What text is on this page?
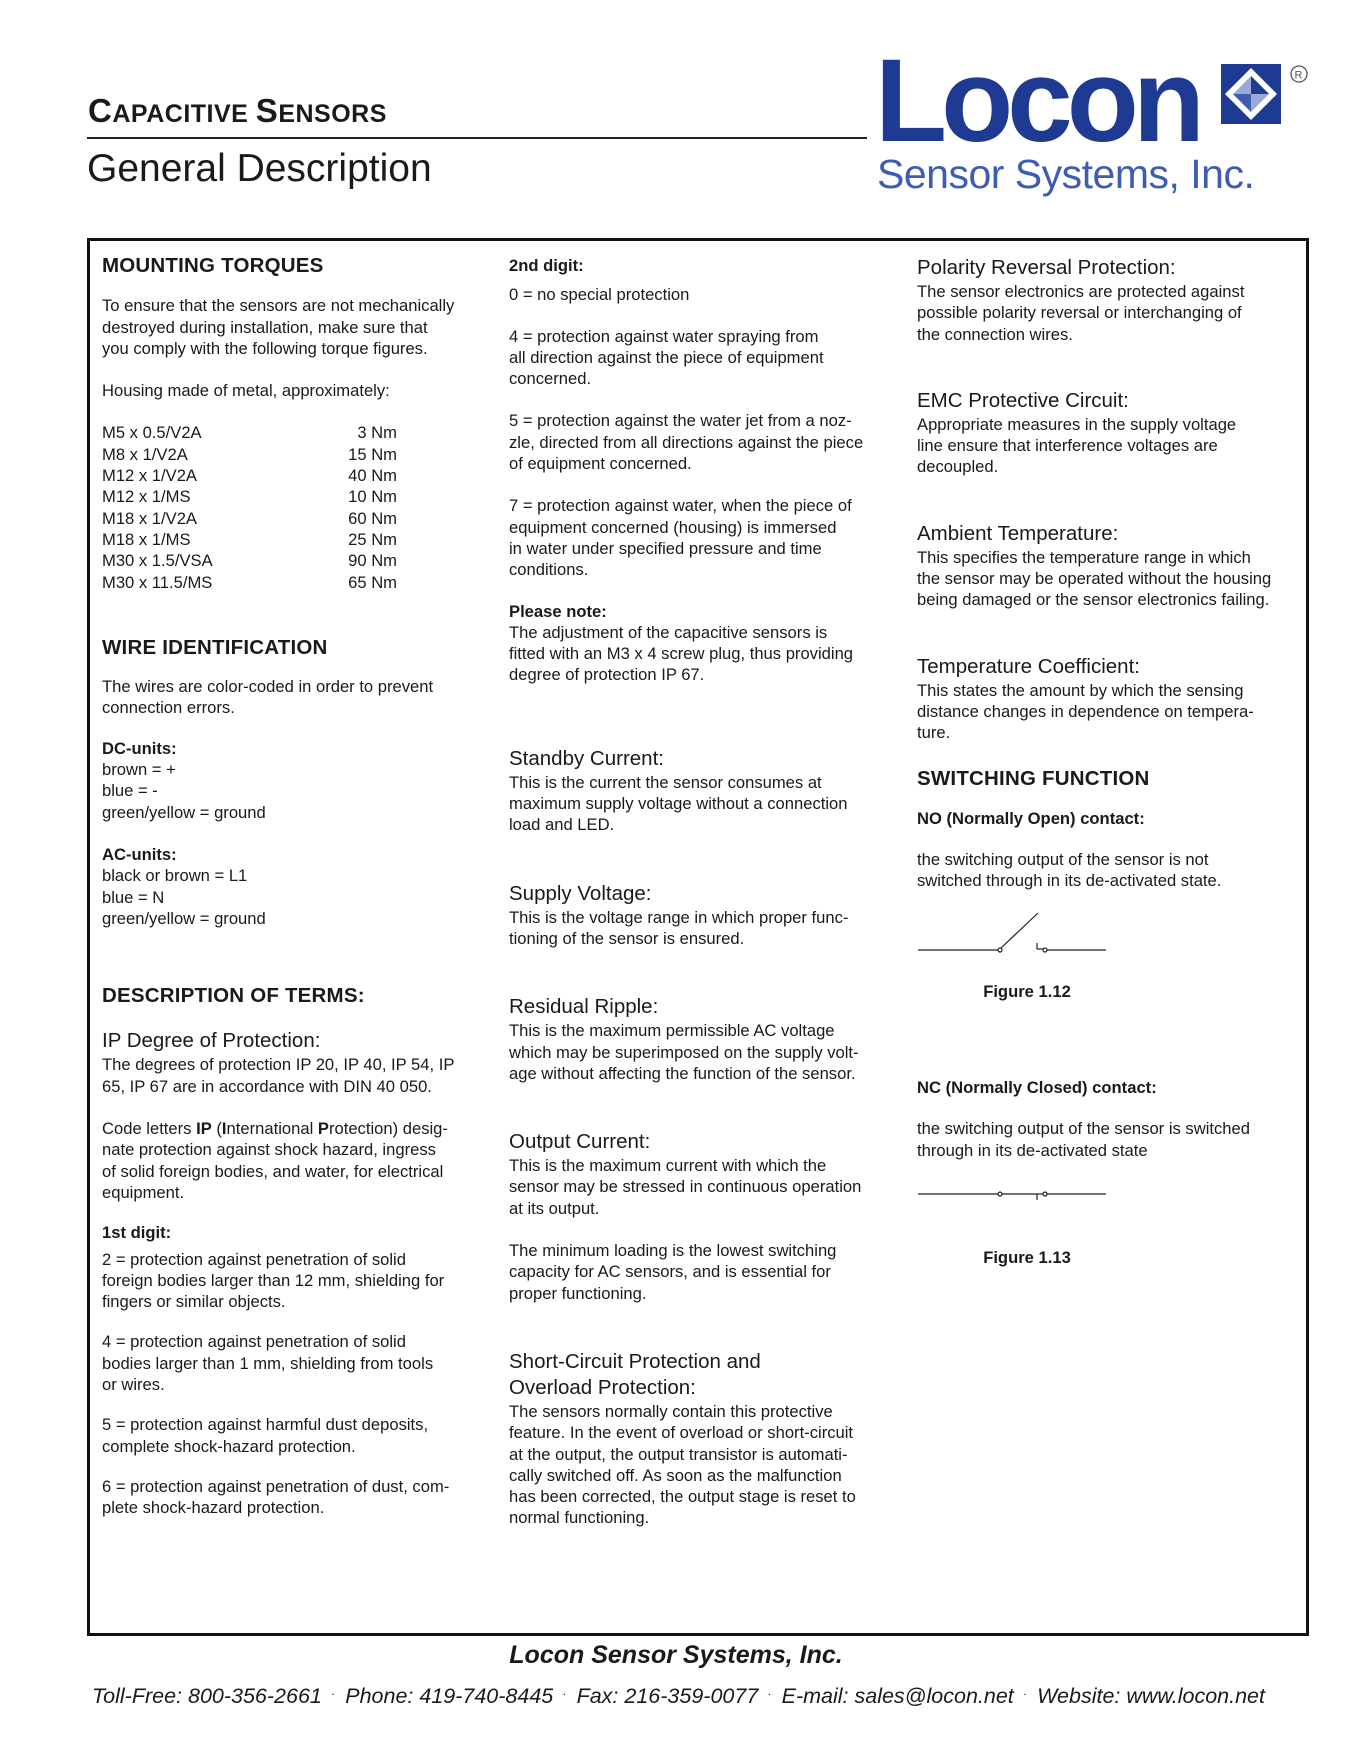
CAPACITIVE SENSORS
General Description
Locon	R
Sensor Systems, Inc.

MOUNTING TORQUES

To ensure that the sensors are not mechanically

destroyed during installation, make sure that

you comply with the following torque figures.

Housing made of metal, approximately:

M5 x 0.5/V2A	3 Nm
M8 x 1/V2A	15 Nm
M12 x 1/V2A	40 Nm
M12 x 1/MS	10 Nm
M18 x 1/V2A	60 Nm
M18 x 1/MS	25 Nm
M30 x 1.5/VSA	90 Nm
M30 x 11.5/MS	65 Nm

WIRE IDENTIFICATION

The wires are color-coded in order to prevent

connection errors.

DC-units:

brown = +

blue = -

green/yellow = ground

AC-units:

black or brown = L1

blue = N

green/yellow = ground

DESCRIPTION OF TERMS:

IP Degree of Protection:

The degrees of protection IP 20, IP 40, IP 54, IP

65, IP 67 are in accordance with DIN 40 050.

Code letters IP (International Protection) desig-

nate protection against shock hazard, ingress

of solid foreign bodies, and water, for electrical

equipment.

1st digit:

2 = protection against penetration of solid

foreign bodies larger than 12 mm, shielding for

fingers or similar objects.

4 = protection against penetration of solid

bodies larger than 1 mm, shielding from tools

or wires.

5 = protection against harmful dust deposits,

complete shock-hazard protection.

6 = protection against penetration of dust, com-

plete shock-hazard protection.

2nd digit:

0 = no special protection

4 = protection against water spraying from

all direction against the piece of equipment

concerned.

5 = protection against the water jet from a noz-

zle, directed from all directions against the piece

of equipment concerned.

7 = protection against water, when the piece of

equipment concerned (housing) is immersed

in water under specified pressure and time

conditions.

Please note:

The adjustment of the capacitive sensors is

fitted with an M3 x 4 screw plug, thus providing

degree of protection IP 67.

Standby Current:

This is the current the sensor consumes at

maximum supply voltage without a connection

load and LED.

Supply Voltage:

This is the voltage range in which proper func-

tioning of the sensor is ensured.

Residual Ripple:

This is the maximum permissible AC voltage

which may be superimposed on the supply volt-

age without affecting the function of the sensor.

Output Current:

This is the maximum current with which the

sensor may be stressed in continuous operation

at its output.

The minimum loading is the lowest switching

capacity for AC sensors, and is essential for

proper functioning.

Short-Circuit Protection and

Overload Protection:

The sensors normally contain this protective

feature. In the event of overload or short-circuit

at the output, the output transistor is automati-

cally switched off. As soon as the malfunction

has been corrected, the output stage is reset to

normal functioning.

Polarity Reversal Protection:

The sensor electronics are protected against

possible polarity reversal or interchanging of

the connection wires.

EMC Protective Circuit:

Appropriate measures in the supply voltage

line ensure that interference voltages are

decoupled.

Ambient Temperature:

This specifies the temperature range in which

the sensor may be operated without the housing

being damaged or the sensor electronics failing.

Temperature Coefficient:

This states the amount by which the sensing

distance changes in dependence on tempera-

ture.

SWITCHING FUNCTION

NO (Normally Open) contact:

the switching output of the sensor is not

switched through in its de-activated state.

Figure 1.12

NC (Normally Closed) contact:

the switching output of the sensor is switched

through in its de-activated state

Figure 1.13

Locon Sensor Systems, Inc.
Toll-Free: 800-356-2661 . Phone: 419-740-8445 . Fax: 216-359-0077 . E-mail: sales@locon.net . Website: www.locon.net
